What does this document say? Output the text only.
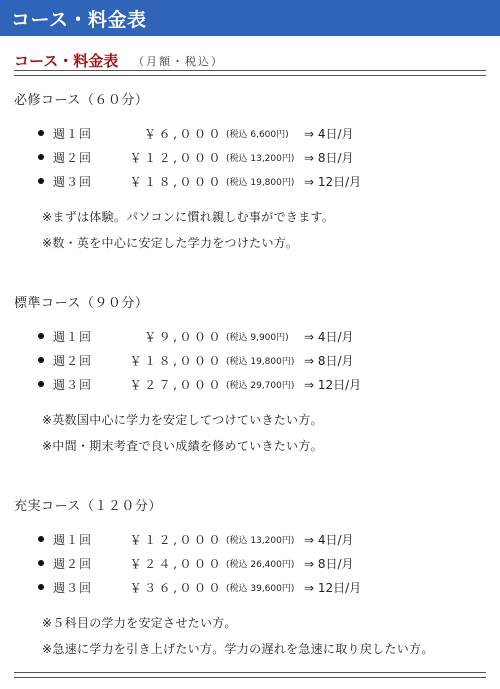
コース・料金表
コース・料金表 （月額・税込）
必修コース（６０分）
週１回	￥６,０００ (税込 6,600円) ⇒ 4日/月
週２回	￥１２,０００ (税込 13,200円) ⇒ 8日/月
週３回	￥１８,０００ (税込 19,800円) ⇒ 12日/月
※まずは体験。パソコンに慣れ親しむ事ができます。
※数・英を中心に安定した学力をつけたい方。
標準コース（９０分）
週１回	￥９,０００ (税込 9,900円) ⇒ 4日/月
週２回	￥１８,０００ (税込 19,800円) ⇒ 8日/月
週３回	￥２７,０００ (税込 29,700円) ⇒ 12日/月
※英数国中心に学力を安定してつけていきたい方。
※中間・期末考査で良い成績を修めていきたい方。
充実コース（１２０分）
週１回	￥１２,０００ (税込 13,200円) ⇒ 4日/月
週２回	￥２４,０００ (税込 26,400円) ⇒ 8日/月
週３回	￥３６,０００ (税込 39,600円) ⇒ 12日/月
※５科目の学力を安定させたい方。
※急速に学力を引き上げたい方。学力の遅れを急速に取り戻したい方。
